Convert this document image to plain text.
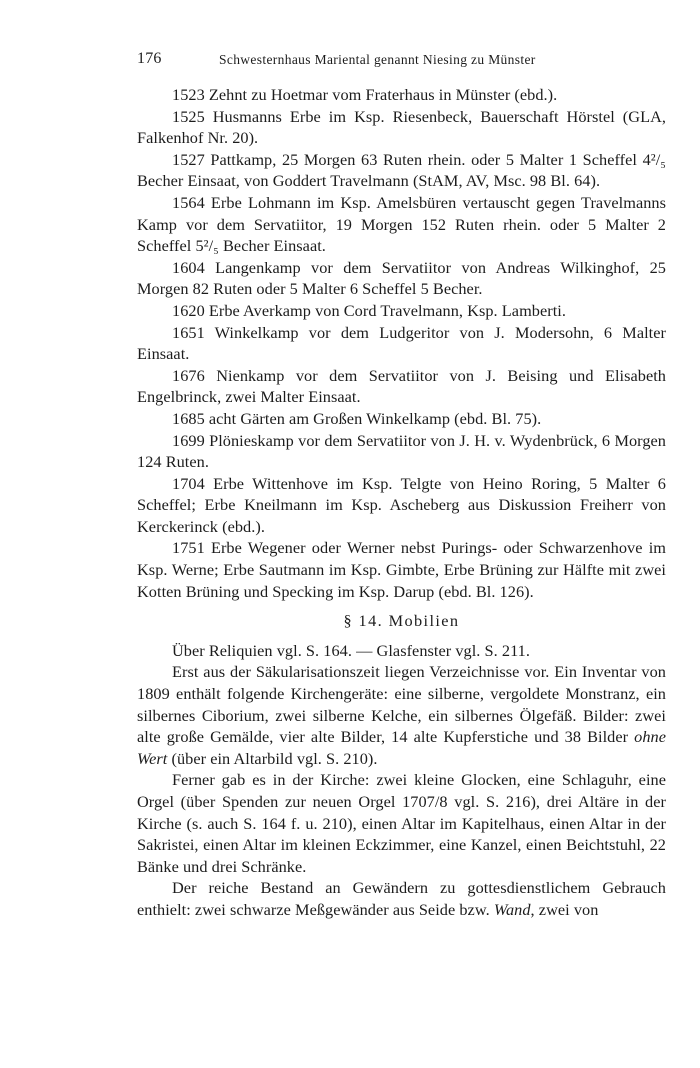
176	Schwesternhaus Mariental genannt Niesing zu Münster

1523 Zehnt zu Hoetmar vom Fraterhaus in Münster (ebd.).

1525 Husmanns Erbe im Ksp. Riesenbeck, Bauerschaft Hörstel (GLA, Falkenhof Nr. 20).

1527 Pattkamp, 25 Morgen 63 Ruten rhein. oder 5 Malter 1 Scheffel 4²/₅ Becher Einsaat, von Goddert Travelmann (StAM, AV, Msc. 98 Bl. 64).

1564 Erbe Lohmann im Ksp. Amelsbüren vertauscht gegen Travelmanns Kamp vor dem Servatiitor, 19 Morgen 152 Ruten rhein. oder 5 Malter 2 Scheffel 5²/₅ Becher Einsaat.

1604 Langenkamp vor dem Servatiitor von Andreas Wilkinghof, 25 Morgen 82 Ruten oder 5 Malter 6 Scheffel 5 Becher.

1620 Erbe Averkamp von Cord Travelmann, Ksp. Lamberti.

1651 Winkelkamp vor dem Ludgeritor von J. Modersohn, 6 Malter Einsaat.

1676 Nienkamp vor dem Servatiitor von J. Beising und Elisabeth Engelbrinck, zwei Malter Einsaat.

1685 acht Gärten am Großen Winkelkamp (ebd. Bl. 75).

1699 Plönieskamp vor dem Servatiitor von J. H. v. Wydenbrück, 6 Morgen 124 Ruten.

1704 Erbe Wittenhove im Ksp. Telgte von Heino Roring, 5 Malter 6 Scheffel; Erbe Kneilmann im Ksp. Ascheberg aus Diskussion Freiherr von Kerckerinck (ebd.).

1751 Erbe Wegener oder Werner nebst Purings- oder Schwarzenhove im Ksp. Werne; Erbe Sautmann im Ksp. Gimbte, Erbe Brüning zur Hälfte mit zwei Kotten Brüning und Specking im Ksp. Darup (ebd. Bl. 126).

§ 14. Mobilien

Über Reliquien vgl. S. 164. — Glasfenster vgl. S. 211.

Erst aus der Säkularisationszeit liegen Verzeichnisse vor. Ein Inventar von 1809 enthält folgende Kirchengeräte: eine silberne, vergoldete Monstranz, ein silbernes Ciborium, zwei silberne Kelche, ein silbernes Ölgefäß. Bilder: zwei alte große Gemälde, vier alte Bilder, 14 alte Kupferstiche und 38 Bilder ohne Wert (über ein Altarbild vgl. S. 210).

Ferner gab es in der Kirche: zwei kleine Glocken, eine Schlaguhr, eine Orgel (über Spenden zur neuen Orgel 1707/8 vgl. S. 216), drei Altäre in der Kirche (s. auch S. 164 f. u. 210), einen Altar im Kapitelhaus, einen Altar in der Sakristei, einen Altar im kleinen Eckzimmer, eine Kanzel, einen Beichtstuhl, 22 Bänke und drei Schränke.

Der reiche Bestand an Gewändern zu gottesdienstlichem Gebrauch enthielt: zwei schwarze Meßgewänder aus Seide bzw. Wand, zwei von
